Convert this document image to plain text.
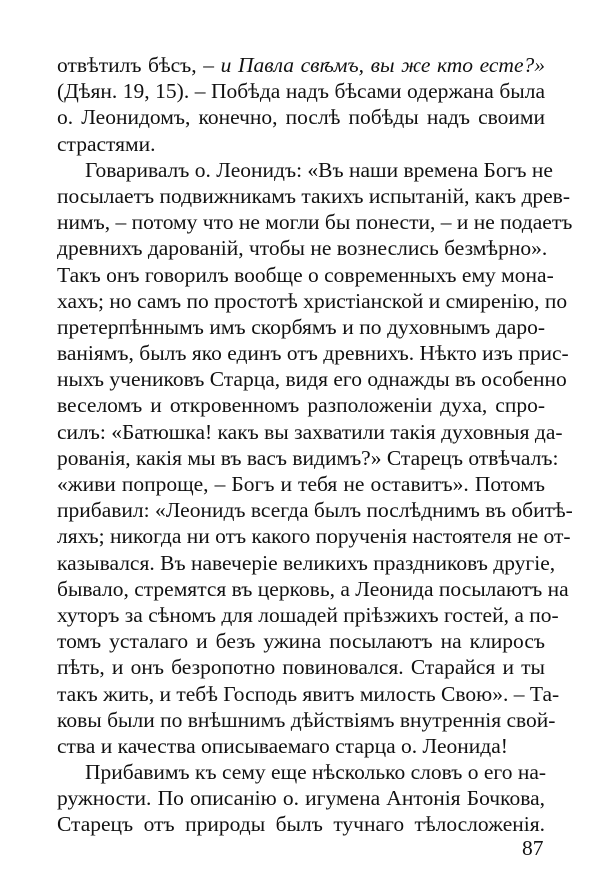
отвѣтилъ бѣсъ, – и Павла свѣмъ, вы же кто есте?»
(Дѣян. 19, 15). – Побѣда надъ бѣсами одержана была
о. Леонидомъ, конечно, послѣ побѣды надъ своими
страстями.
Говаривалъ о. Леонидъ: «Въ наши времена Богъ не
посылаетъ подвижникамъ такихъ испытаній, какъ древ-
нимъ, – потому что не могли бы понести, – и не подаетъ
древнихъ дарованій, чтобы не вознеслись безмѣрно».
Такъ онъ говорилъ вообще о современныхъ ему мона-
хахъ; но самъ по простотѣ христіанской и смиренію, по
претерпѣннымъ имъ скорбямъ и по духовнымъ даро-
ваніямъ, былъ яко единъ отъ древнихъ. Нѣкто изъ прис-
ныхъ учениковъ Старца, видя его однажды въ особенно
веселомъ и откровенномъ разположеніи духа, спро-
силъ: «Батюшка! какъ вы захватили такія духовныя да-
рованія, какія мы въ васъ видимъ?» Старецъ отвѣчалъ:
«живи попроще, – Богъ и тебя не оставитъ». Потомъ
прибавил: «Леонидъ всегда былъ послѣднимъ въ обитѣ-
ляхъ; никогда ни отъ какого порученія настоятеля не от-
казывался. Въ навечеріе великихъ праздниковъ другіе,
бывало, стремятся въ церковь, а Леонида посылаютъ на
хуторъ за сѣномъ для лошадей пріѣзжихъ гостей, а по-
томъ усталаго и безъ ужина посылаютъ на клиросъ
пѣть, и онъ безропотно повиновался. Старайся и ты
такъ жить, и тебѣ Господь явитъ милость Свою». – Та-
ковы были по внѣшнимъ дѣйствіямъ внутреннія свой-
ства и качества описываемаго старца о. Леонида!
Прибавимъ къ сему еще нѣсколько словъ о его на-
ружности. По описанію о. игумена Антонія Бочкова,
Старецъ отъ природы былъ тучнаго тѣлосложенія.
87
